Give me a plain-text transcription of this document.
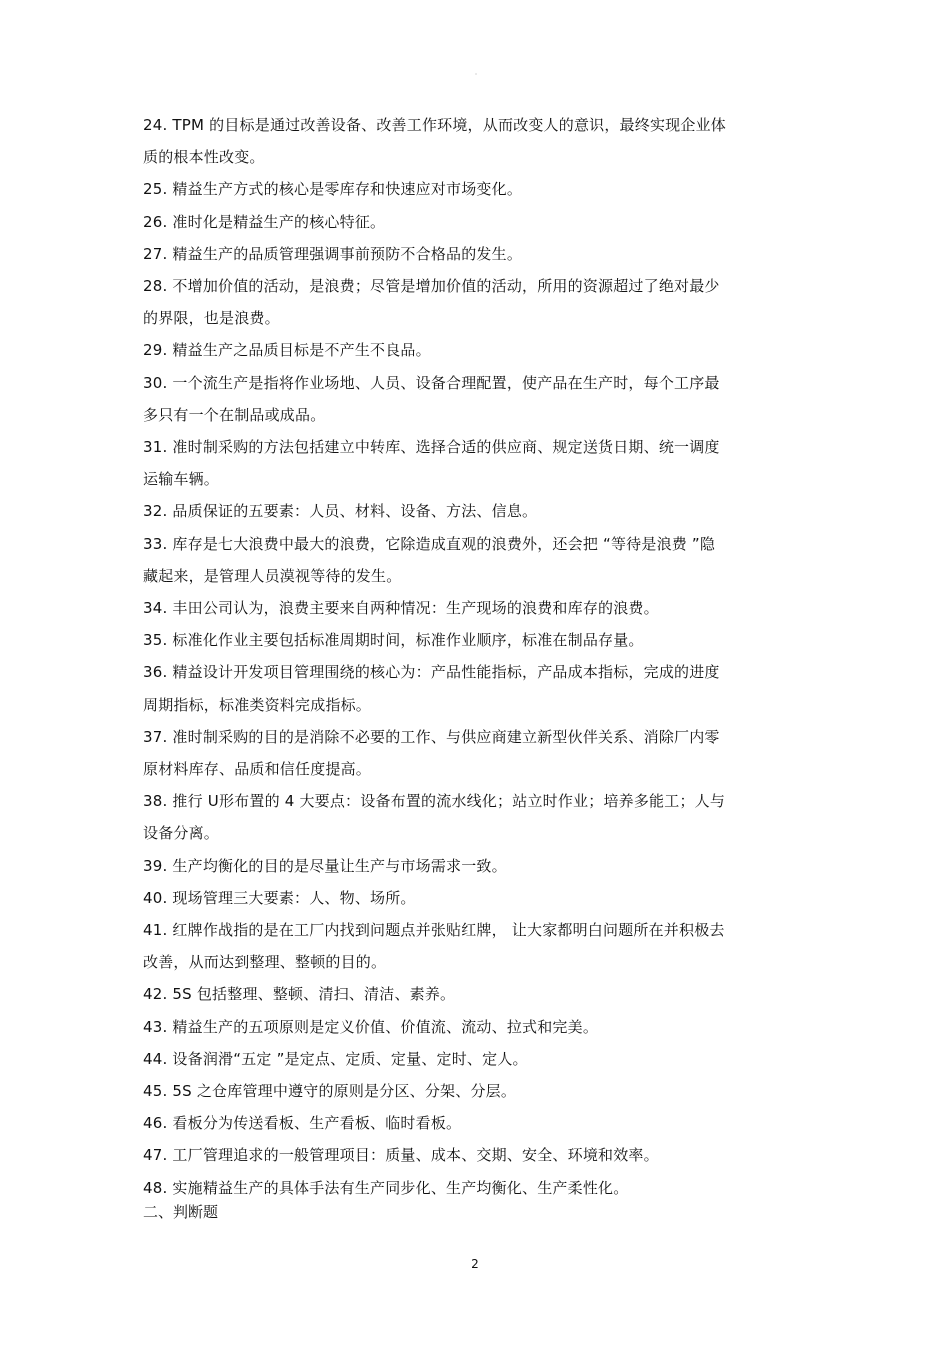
·
24. TPM 的目标是通过改善设备、改善工作环境，从而改变人的意识，最终实现企业体
质的根本性改变。
25. 精益生产方式的核心是零库存和快速应对市场变化。
26. 准时化是精益生产的核心特征。
27. 精益生产的品质管理强调事前预防不合格品的发生。
28. 不增加价值的活动，是浪费；尽管是增加价值的活动，所用的资源超过了绝对最少
的界限，也是浪费。
29. 精益生产之品质目标是不产生不良品。
30. 一个流生产是指将作业场地、人员、设备合理配置，使产品在生产时，每个工序最
多只有一个在制品或成品。
31. 准时制采购的方法包括建立中转库、选择合适的供应商、规定送货日期、统一调度
运输车辆。
32. 品质保证的五要素：人员、材料、设备、方法、信息。
33. 库存是七大浪费中最大的浪费，它除造成直观的浪费外，还会把 “等待是浪费 ”隐
藏起来，是管理人员漠视等待的发生。
34. 丰田公司认为，浪费主要来自两种情况：生产现场的浪费和库存的浪费。
35. 标准化作业主要包括标准周期时间，标准作业顺序，标准在制品存量。
36. 精益设计开发项目管理围绕的核心为：产品性能指标，产品成本指标，完成的进度
周期指标，标准类资料完成指标。
37. 准时制采购的目的是消除不必要的工作、与供应商建立新型伙伴关系、消除厂内零
原材料库存、品质和信任度提高。
38. 推行 U形布置的 4 大要点：设备布置的流水线化；站立时作业；培养多能工；人与
设备分离。
39. 生产均衡化的目的是尽量让生产与市场需求一致。
40. 现场管理三大要素：人、物、场所。
41. 红牌作战指的是在工厂内找到问题点并张贴红牌， 让大家都明白问题所在并积极去
改善，从而达到整理、整顿的目的。
42. 5S 包括整理、整顿、清扫、清洁、素养。
43. 精益生产的五项原则是定义价值、价值流、流动、拉式和完美。
44. 设备润滑“五定 ”是定点、定质、定量、定时、定人。
45. 5S 之仓库管理中遵守的原则是分区、分架、分层。
46. 看板分为传送看板、生产看板、临时看板。
47. 工厂管理追求的一般管理项目：质量、成本、交期、安全、环境和效率。
48. 实施精益生产的具体手法有生产同步化、生产均衡化、生产柔性化。
二、判断题
2
